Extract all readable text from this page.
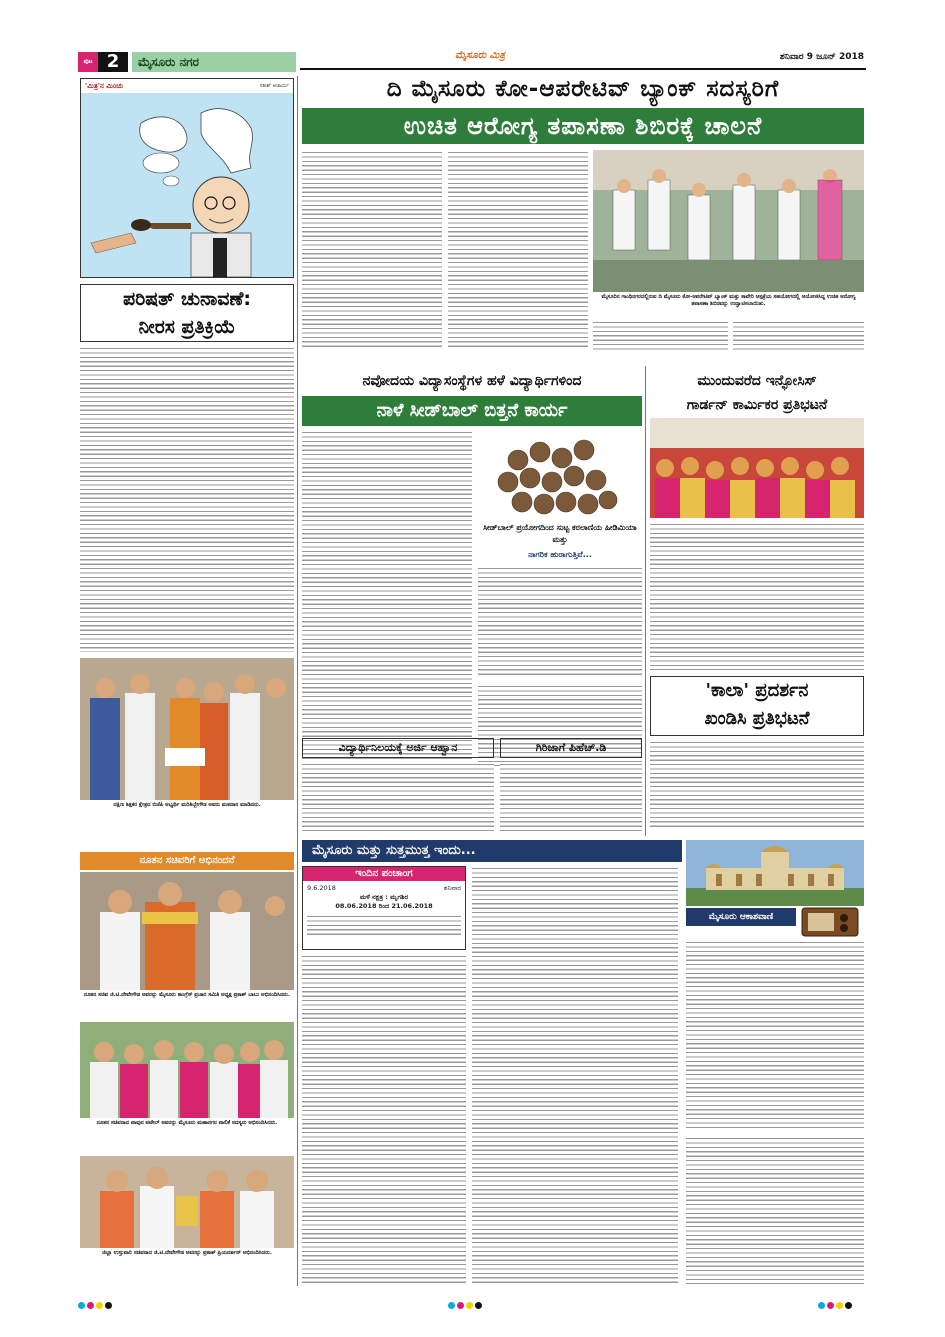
ಪುಟ 2	ಮೈಸೂರು ನಗರ	ಮೈಸೂರು ಮಿತ್ರ	ಶನಿವಾರ 9 ಜೂನ್ 2018
'ಮಿತ್ರ'ನ ಮಿಂಚು	ಸತೀಶ್ ಆಚಾರ್ಯ	ದಿ ಮೈಸೂರು ಕೋ-ಆಪರೇಟಿವ್ ಬ್ಯಾಂಕ್ ಸದಸ್ಯರಿಗೆ
ಉಚಿತ ಆರೋಗ್ಯ ತಪಾಸಣಾ ಶಿಬಿರಕ್ಕೆ ಚಾಲನೆ
ಮೈಸೂರಿನ ಗಾಂಧಿನಗರದಲ್ಲಿರುವ ದಿ ಮೈಸೂರು ಕೋ-ಆಪರೇಟಿವ್ ಬ್ಯಾಂಕ್ ಮತ್ತು ಕಾವೇರಿ ಆಸ್ಪತ್ರೆಯ ಸಹಯೋಗದಲ್ಲಿ ಆಯೋಜಿಸಿದ್ದ ಉಚಿತ ಆರೋಗ್ಯ ತಪಾಸಣಾ ಶಿಬಿರವನ್ನು ಉದ್ಘಾಟಿಸಲಾಯಿತು.
ಪರಿಷತ್ ಚುನಾವಣೆ:
ನೀರಸ ಪ್ರತಿಕ್ರಿಯೆ
ದಕ್ಷಿಣ ಶಿಕ್ಷಕರ ಕ್ಷೇತ್ರದ ಬಿಜೆಪಿ ಅಭ್ಯರ್ಥಿ ಮರಿತಿಬ್ಬೇಗೌಡ ಅವರು ಮತದಾನ ಮಾಡಿದರು.
ನವೋದಯ ವಿದ್ಯಾಸಂಸ್ಥೆಗಳ ಹಳೆ ವಿದ್ಯಾರ್ಥಿಗಳಿಂದ
ನಾಳೆ ಸೀಡ್‌ಬಾಲ್ ಬಿತ್ತನೆ ಕಾರ್ಯ
ಸೀಡ್‌ಬಾಲ್ ಪ್ರಯೋಗದಿಂದ ಸುಟ್ಟ ಕರಲಾಣಿಯ ಹೀಡಿಮಿಯಾ ಮತ್ತು
ನಾಗರಿಕ ಹುರಾಗುತ್ತಿವೆ...
ಮುಂದುವರೆದ ಇನ್ಫೋಸಿಸ್
ಗಾರ್ಡನ್ ಕಾರ್ಮಿಕರ ಪ್ರತಿಭಟನೆ
'ಕಾಲಾ' ಪ್ರದರ್ಶನ
ಖಂಡಿಸಿ ಪ್ರತಿಭಟನೆ
ವಿದ್ಯಾರ್ಥಿನಿಲಯಕ್ಕೆ ಅರ್ಜಿ ಆಹ್ವಾನ	ಗಿರಿಜಾಗೆ ಪಿಹೆಚ್.ಡಿ
ನೂತನ ಸಚಿವರಿಗೆ ಅಭಿನಂದನೆ
ನೂತನ ಸಚಿವ ಜಿ.ಟಿ.ದೇವೇಗೌಡ ಅವರನ್ನು ಮೈಸೂರು ಕಾಂಗ್ರೆಸ್ ಪ್ರಚಾರ ಸಮಿತಿ ಅಧ್ಯಕ್ಷ ಪ್ರಕಾಶ್ ಬಾಬು ಅಭಿನಂದಿಸಿದರು.
ನೂತನ ಸಚಿವರಾದ ಪಾವುನ ಪಟೇಲ್ ಅವರನ್ನು ಮೈಸೂರು ಮಹಾನಗರ ಪಾಲಿಕೆ ಸದಸ್ಯರು ಅಭಿನಂದಿಸಿದರು.
ಜಿಲ್ಲಾ ಉಸ್ತುವಾರಿ ಸಚಿವರಾದ ಜಿ.ಟಿ.ದೇವೇಗೌಡ ಅವರನ್ನು ಪ್ರಕಾಶ್ ಪ್ರಿಯದರ್ಶನ್ ಅಭಿನಂದಿಸಿದರು.
ಮೈಸೂರು ಮತ್ತು ಸುತ್ತಮುತ್ತ ಇಂದು...
ಇಂದಿನ ಪಂಚಾಂಗ
9.6.2018	ಶನಿವಾರ
ಮಳೆ ನಕ್ಷತ್ರ : ಮೃಗಶಿರ
08.06.2018 ರಿಂದ 21.06.2018
ಮೈಸೂರು ಆಕಾಶವಾಣಿ
